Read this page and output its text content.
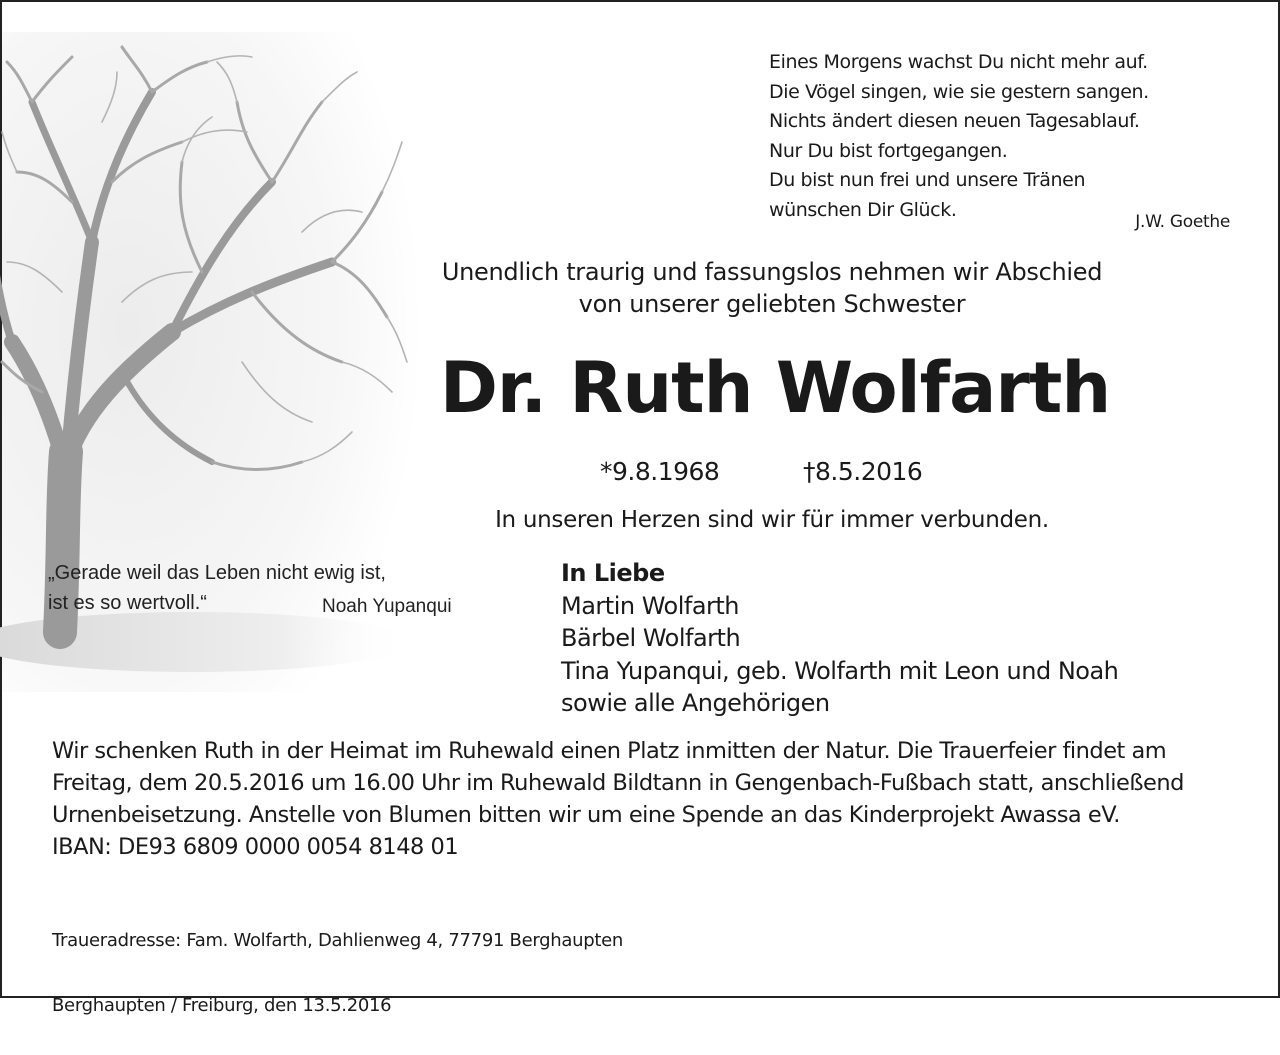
Eines Morgens wachst Du nicht mehr auf.
Die Vögel singen, wie sie gestern sangen.
Nichts ändert diesen neuen Tagesablauf.
Nur Du bist fortgegangen.
Du bist nun frei und unsere Tränen
wünschen Dir Glück.
J.W. Goethe
Unendlich traurig und fassungslos nehmen wir Abschied
von unserer geliebten Schwester
Dr. Ruth Wolfarth
*9.8.1968	†8.5.2016
In unseren Herzen sind wir für immer verbunden.
„Gerade weil das Leben nicht ewig ist,
ist es so wertvoll.“	Noah Yupanqui
In Liebe
Martin Wolfarth
Bärbel Wolfarth
Tina Yupanqui, geb. Wolfarth mit Leon und Noah
sowie alle Angehörigen
Wir schenken Ruth in der Heimat im Ruhewald einen Platz inmitten der Natur. Die Trauerfeier findet am
Freitag, dem 20.5.2016 um 16.00 Uhr im Ruhewald Bildtann in Gengenbach-Fußbach statt, anschließend
Urnenbeisetzung. Anstelle von Blumen bitten wir um eine Spende an das Kinderprojekt Awassa eV.
IBAN: DE93 6809 0000 0054 8148 01

Traueradresse: Fam. Wolfarth, Dahlienweg 4, 77791 Berghaupten

Berghaupten / Freiburg, den 13.5.2016
